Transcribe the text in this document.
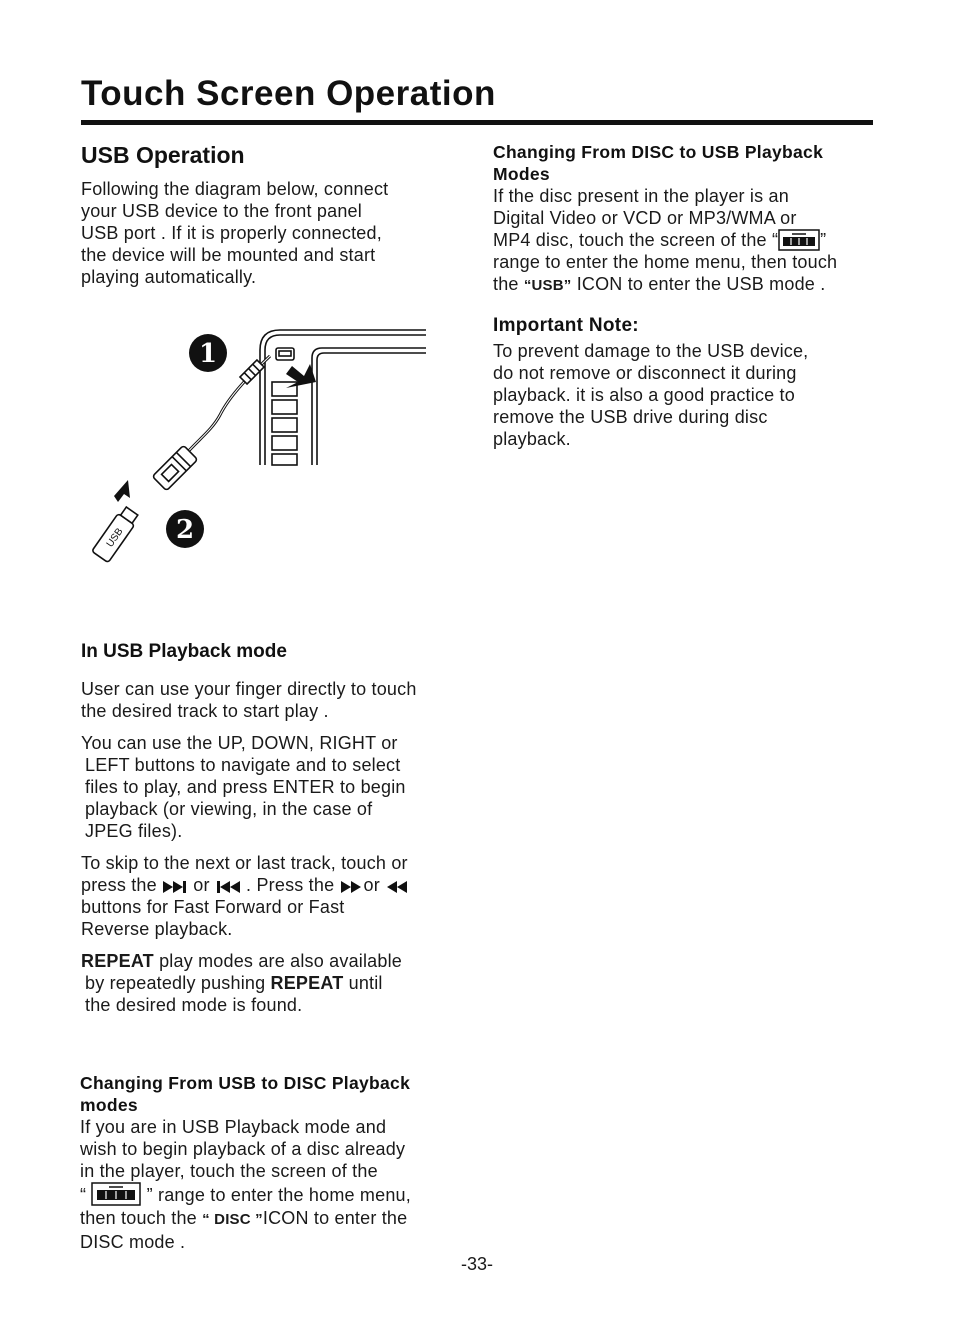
Touch Screen Operation
USB Operation
Following the diagram below, connect
your USB device to the front panel
USB port . If it is properly connected,
the device will be mounted and start
playing automatically.
USB
1
2
In USB Playback mode
User can use your finger directly to touch
the desired track to start play .
You can use the UP, DOWN, RIGHT or
LEFT buttons to navigate and to select
files to play, and press ENTER to begin
playback (or viewing, in the case of
JPEG files).
To skip to the next or last track, touch or
press the  or  . Press the or
buttons for Fast Forward or Fast
Reverse playback.
REPEAT play modes are also available
by repeatedly pushing REPEAT until
the desired mode is found.
Changing From USB to DISC Playback
modes
If you are in USB Playback mode and
wish to begin playback of a disc already
in the player, touch the screen of the
“	” range to enter the home menu,
then touch the “ DISC ”ICON to enter the
DISC mode .
Changing From DISC to USB Playback
Modes
If the disc present in the player is an
Digital Video or VCD or MP3/WMA or
MP4 disc, touch the screen of the “ ”
range to enter the home menu, then touch
the “USB” ICON to enter the USB mode .
Important Note:
To prevent damage to the USB device,
do not remove or disconnect it during
playback. it is also a good practice to
remove the USB drive during disc
playback.
-33-
